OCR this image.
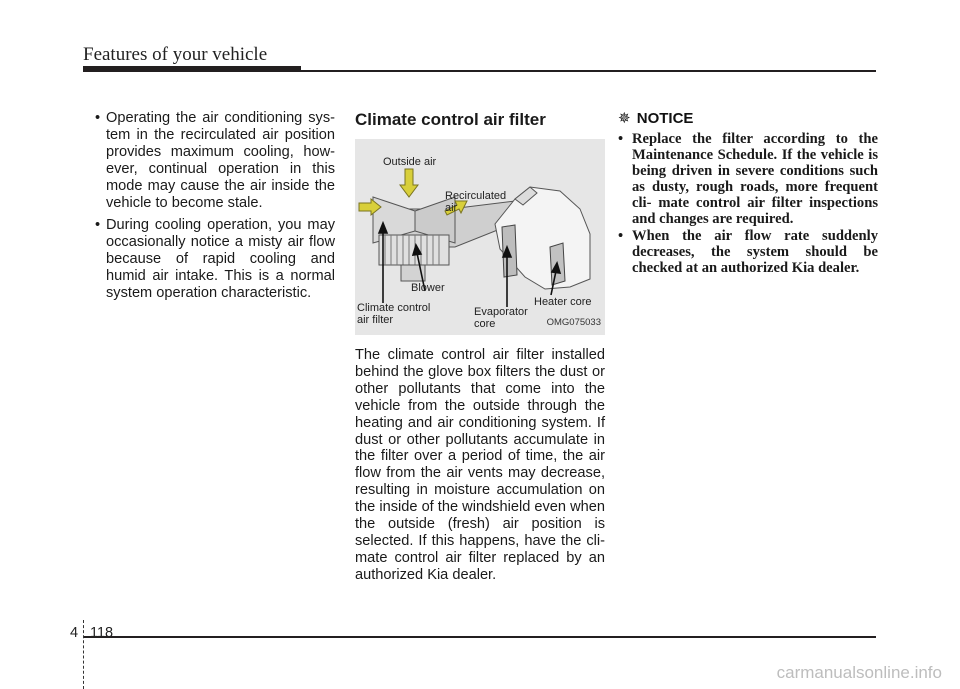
Features of your vehicle
• Operating the air conditioning sys- tem in the recirculated air position provides maximum cooling, how- ever, continual operation in this mode may cause the air inside the vehicle to become stale.
• During cooling operation, you may occasionally notice a misty air flow because of rapid cooling and humid air intake. This is a normal system operation characteristic.
Climate control air filter
Outside air
Recirculated
air
Blower
Climate control
air filter
Evaporator
core
Heater core
OMG075033
The climate control air filter installed behind the glove box filters the dust or other pollutants that come into the vehicle from the outside through the heating and air conditioning system. If dust or other pollutants accumulate in the filter over a period of time, the air flow from the air vents may decrease, resulting in moisture accumulation on the inside of the windshield even when the outside (fresh) air position is selected. If this happens, have the cli- mate control air filter replaced by an authorized Kia dealer.
✵ NOTICE
• Replace the filter according to the Maintenance Schedule. If the vehicle is being driven in severe conditions such as dusty, rough roads, more frequent cli- mate control air filter inspections and changes are required.
• When the air flow rate suddenly decreases, the system should be checked at an authorized Kia dealer.
4 118
carmanualsonline.info
